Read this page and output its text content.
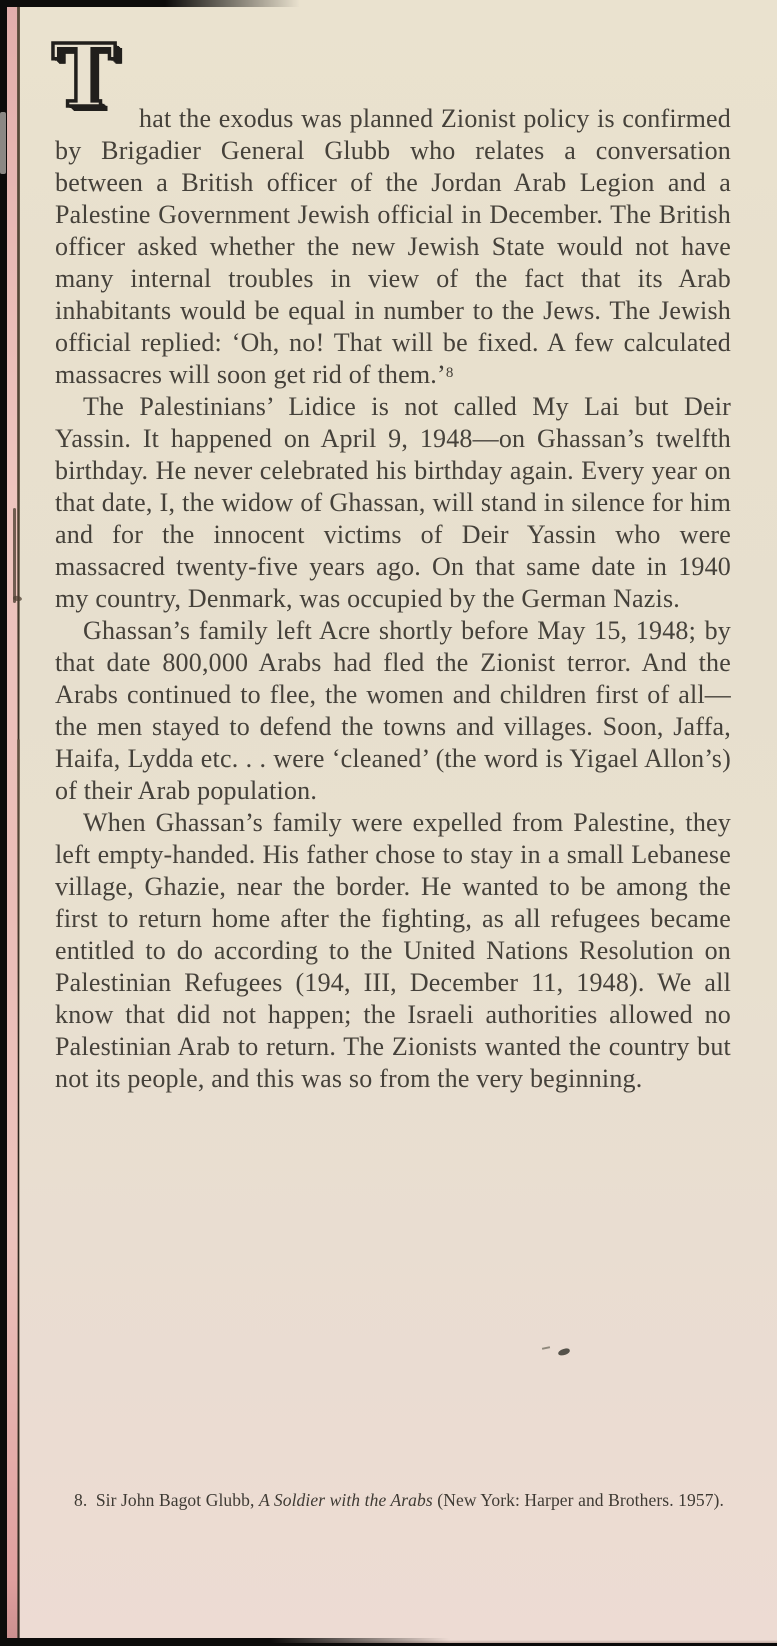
T hat the exodus was planned Zionist policy is confirmed by Brigadier General Glubb who relates a conversation between a British officer of the Jordan Arab Legion and a Palestine Government Jewish official in December. The British officer asked whether the new Jewish State would not have many internal troubles in view of the fact that its Arab inhabitants would be equal in number to the Jews. The Jewish official replied: ‘Oh, no! That will be fixed. A few calculated massacres will soon get rid of them.’$^8$

The Palestinians’ Lidice is not called My Lai but Deir Yassin. It happened on April 9, 1948—on Ghassan’s twelfth birthday. He never celebrated his birthday again. Every year on that date, I, the widow of Ghassan, will stand in silence for him and for the innocent victims of Deir Yassin who were massacred twenty-five years ago. On that same date in 1940 my country, Denmark, was occupied by the German Nazis.

Ghassan’s family left Acre shortly before May 15, 1948; by that date 800,000 Arabs had fled the Zionist terror. And the Arabs continued to flee, the women and children first of all—the men stayed to defend the towns and villages. Soon, Jaffa, Haifa, Lydda etc. . . were ‘cleaned’ (the word is Yigael Allon’s) of their Arab population.

When Ghassan’s family were expelled from Palestine, they left empty-handed. His father chose to stay in a small Lebanese village, Ghazie, near the border. He wanted to be among the first to return home after the fighting, as all refugees became entitled to do according to the United Nations Resolution on Palestinian Refugees (194, III, December 11, 1948). We all know that did not happen; the Israeli authorities allowed no Palestinian Arab to return. The Zionists wanted the country but not its people, and this was so from the very beginning.

8. Sir John Bagot Glubb, A Soldier with the Arabs (New York: Harper and Brothers. 1957).
